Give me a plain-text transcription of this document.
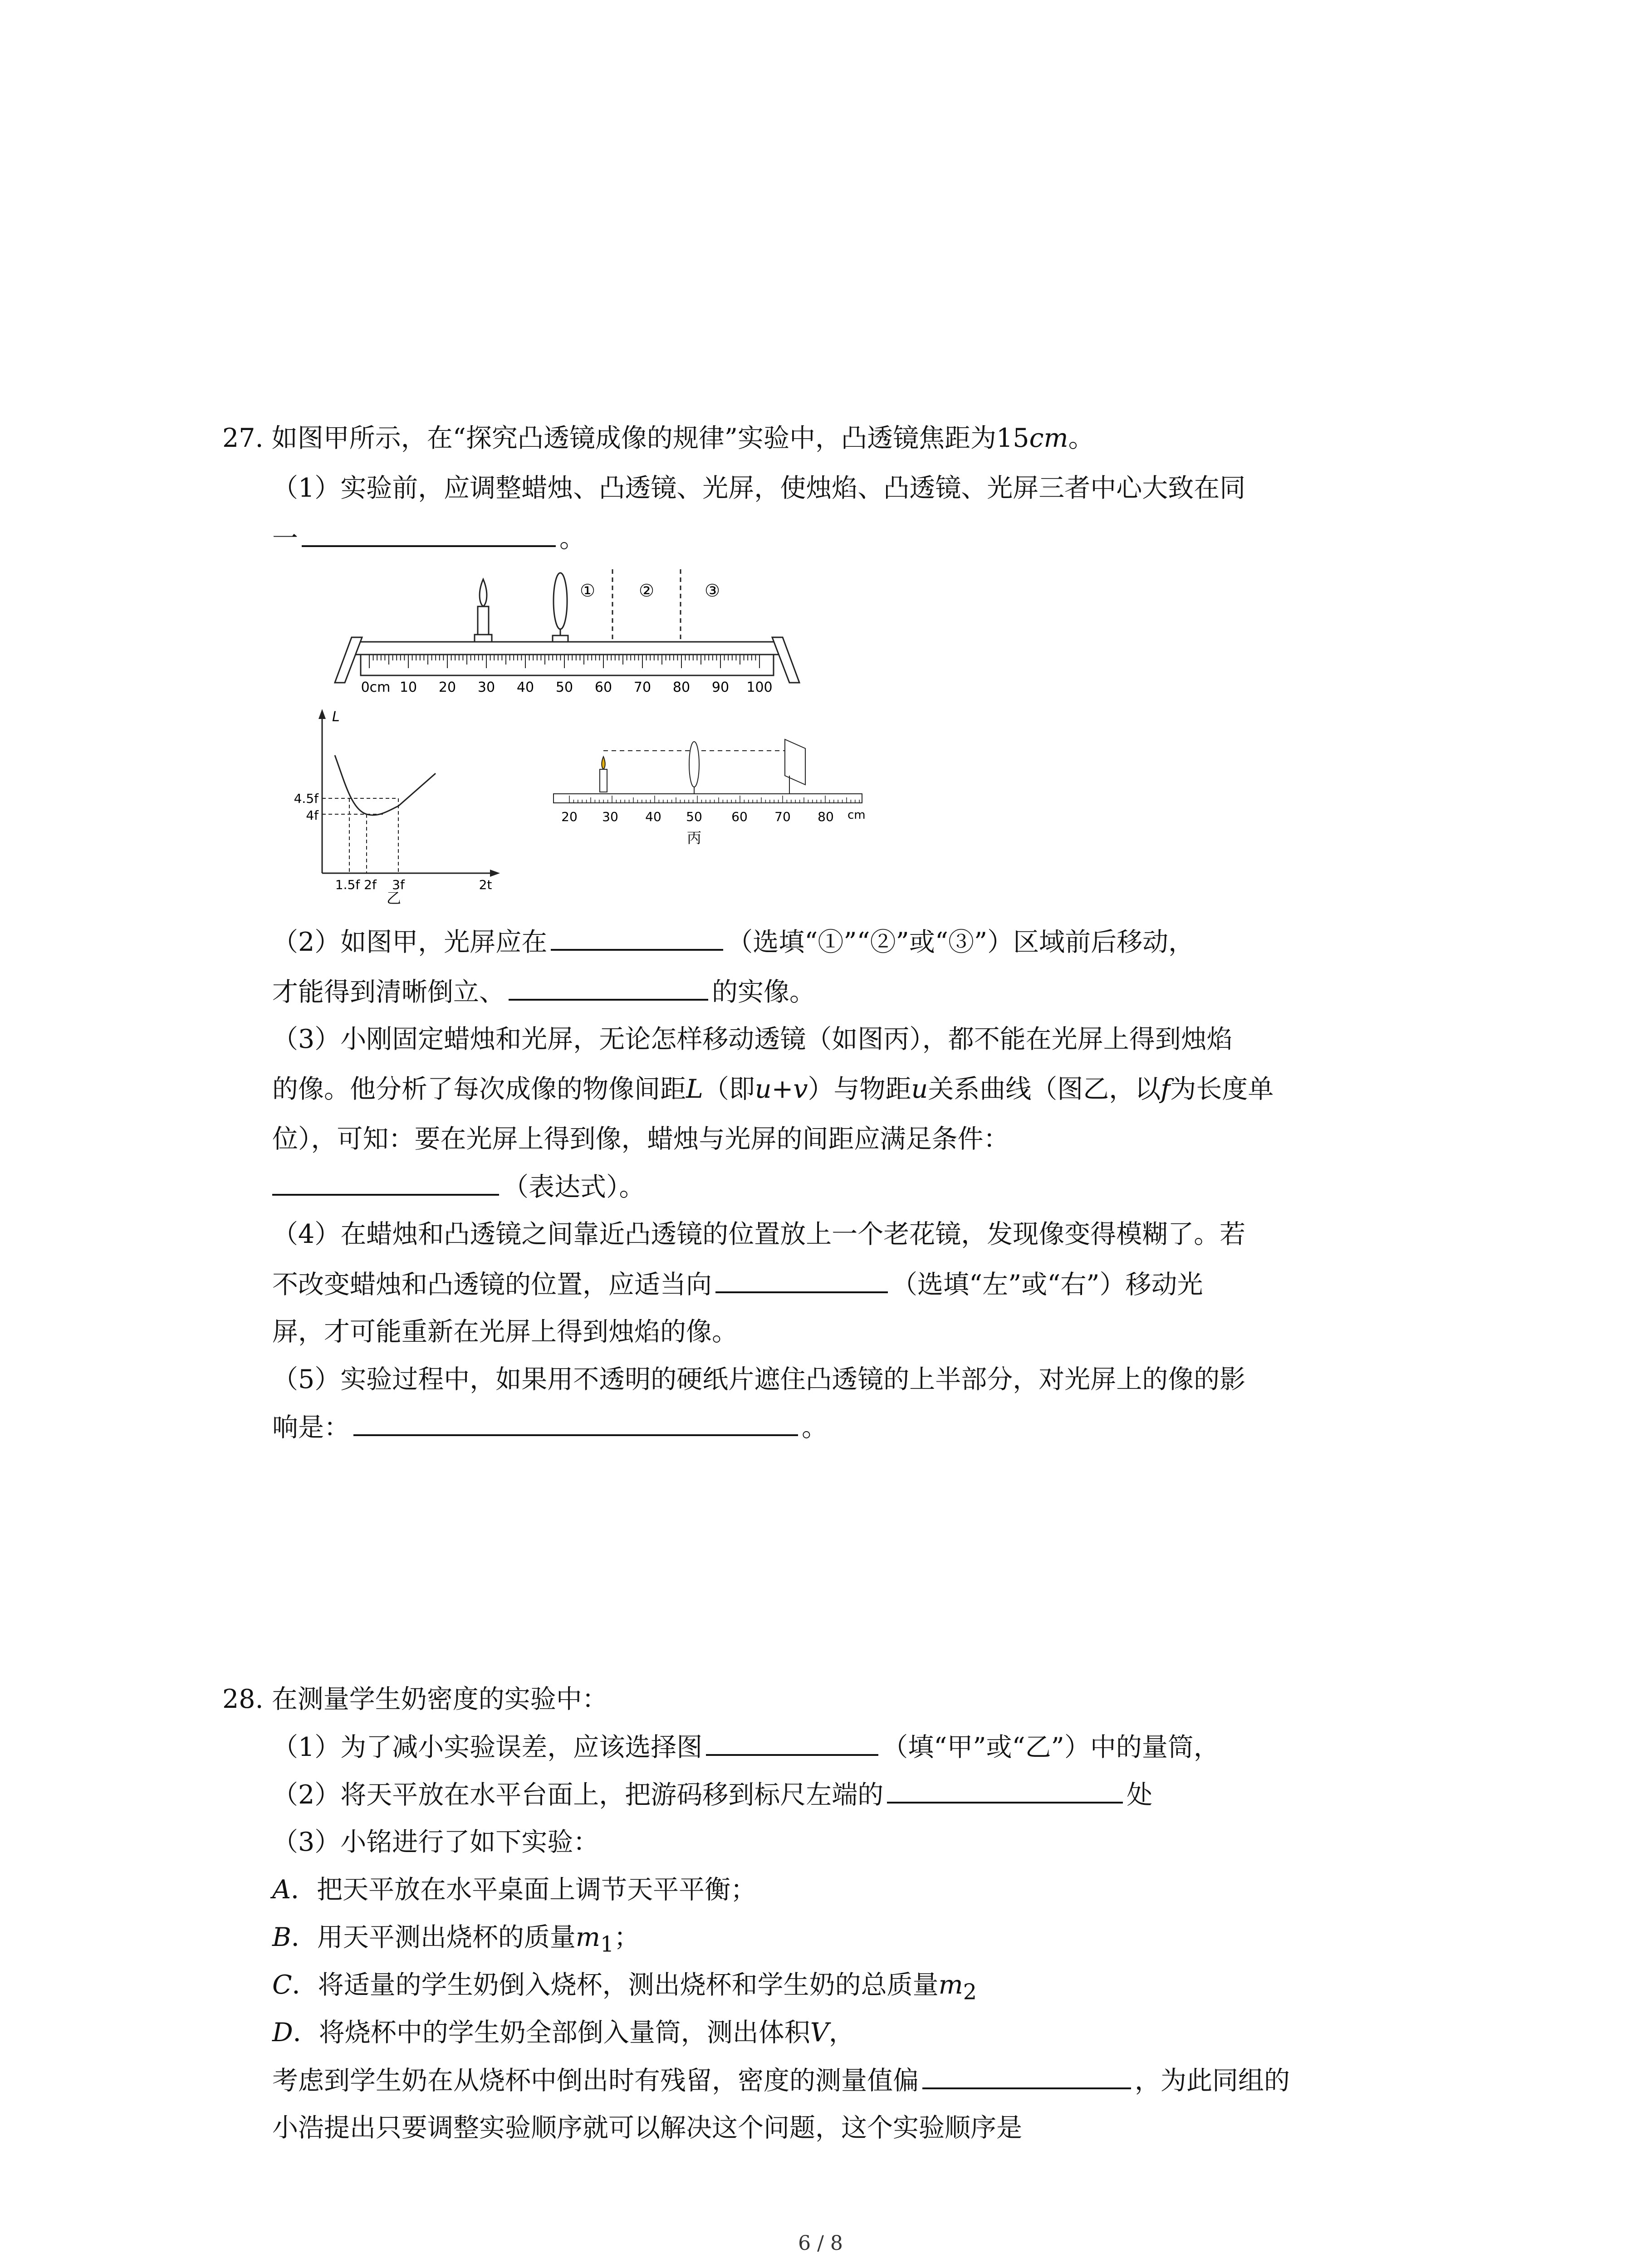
27. 如图甲所示，在“探究凸透镜成像的规律”实验中，凸透镜焦距为15cm。
（1）实验前，应调整蜡烛、凸透镜、光屏，使烛焰、凸透镜、光屏三者中心大致在同
一	。
①	②	③
0cm 10 20 30 40 50 60 70 80 90 100
L
4.5f
4f
1.5f 2f 3f	2t
乙
20 30 40 50 60 70 80 cm
丙
（2）如图甲，光屏应在	（选填“①”“②”或“③”）区域前后移动，
才能得到清晰倒立、	的实像。
（3）小刚固定蜡烛和光屏，无论怎样移动透镜（如图丙），都不能在光屏上得到烛焰
的像。他分析了每次成像的物像间距L（即u+v）与物距u关系曲线（图乙，以f为长度单
位），可知：要在光屏上得到像，蜡烛与光屏的间距应满足条件：
（表达式）。
（4）在蜡烛和凸透镜之间靠近凸透镜的位置放上一个老花镜，发现像变得模糊了。若
不改变蜡烛和凸透镜的位置，应适当向	（选填“左”或“右”）移动光
屏，才可能重新在光屏上得到烛焰的像。
（5）实验过程中，如果用不透明的硬纸片遮住凸透镜的上半部分，对光屏上的像的影
响是：	。
28. 在测量学生奶密度的实验中：
（1）为了减小实验误差，应该选择图	（填“甲”或“乙”）中的量筒，
（2）将天平放在水平台面上，把游码移到标尺左端的	处
（3）小铭进行了如下实验：
A．把天平放在水平桌面上调节天平平衡；
B．用天平测出烧杯的质量$m_1$；
C．将适量的学生奶倒入烧杯，测出烧杯和学生奶的总质量$m_2$
D．将烧杯中的学生奶全部倒入量筒，测出体积V，
考虑到学生奶在从烧杯中倒出时有残留，密度的测量值偏	，为此同组的
小浩提出只要调整实验顺序就可以解决这个问题，这个实验顺序是
6 / 8
